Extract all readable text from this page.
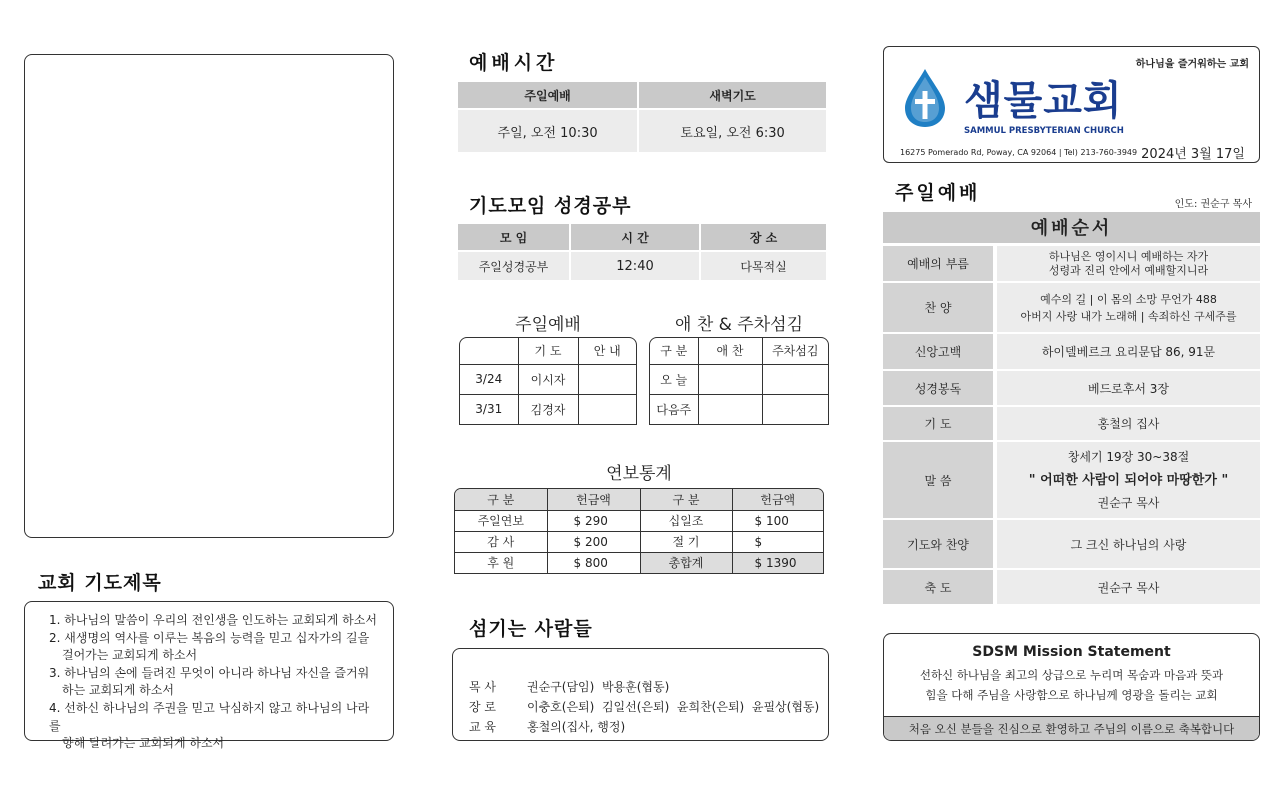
교회 기도제목
1. 하나님의 말씀이 우리의 전인생을 인도하는 교회되게 하소서
2. 새생명의 역사를 이루는 복음의 능력을 믿고 십자가의 길을
걸어가는 교회되게 하소서
3. 하나님의 손에 들려진 무엇이 아니라 하나님 자신을 즐거워
하는 교회되게 하소서
4. 선하신 하나님의 주권을 믿고 낙심하지 않고 하나님의 나라를
향해 달려가는 교회되게 하소서
예배시간
주일예배	새벽기도
주일, 오전 10:30	토요일, 오전 6:30
기도모임 성경공부
모 임	시 간	장 소
주일성경공부	12:40	다목적실
주일예배
	기 도	안 내
3/24	이시자	
3/31	김경자	
애 찬 & 주차섬김
구 분	애 찬	주차섬김
오 늘		
다음주		
연보통계
구 분	헌금액	구 분	헌금액
주일연보	$ 290	십일조	$ 100
감 사	$ 200	절 기	$
후 원	$ 800	총합계	$ 1390
섬기는 사람들
목 사	권순구(담임)  박용훈(협동)
장 로	이충호(은퇴)  김일선(은퇴)  윤희찬(은퇴)  윤필상(협동)
교 육	홍철의(집사, 행정)
하나님을 즐거워하는 교회
샘물교회
SAMMUL PRESBYTERIAN CHURCH
16275 Pomerado Rd, Poway, CA 92064 | Tel) 213-760-3949 2024년 3월 17일
주일예배
인도: 권순구 목사
예배순서
예배의 부름	하나님은 영이시니 예배하는 자가
성령과 진리 안에서 예배할지니라

찬 양	예수의 길 | 이 몸의 소망 무언가 488
아버지 사랑 내가 노래해 | 속죄하신 구세주를

신앙고백	하이델베르크 요리문답 86, 91문
성경봉독	베드로후서 3장
기 도	홍철의 집사
말 씀	창세기 19장 30~38절
" 어떠한 사람이 되어야 마땅한가 "
권순구 목사

기도와 찬양	그 크신 하나님의 사랑
축 도	권순구 목사
SDSM Mission Statement
선하신 하나님을 최고의 상급으로 누리며 목숨과 마음과 뜻과
힘을 다해 주님을 사랑함으로 하나님께 영광을 돌리는 교회
처음 오신 분들을 진심으로 환영하고 주님의 이름으로 축복합니다
